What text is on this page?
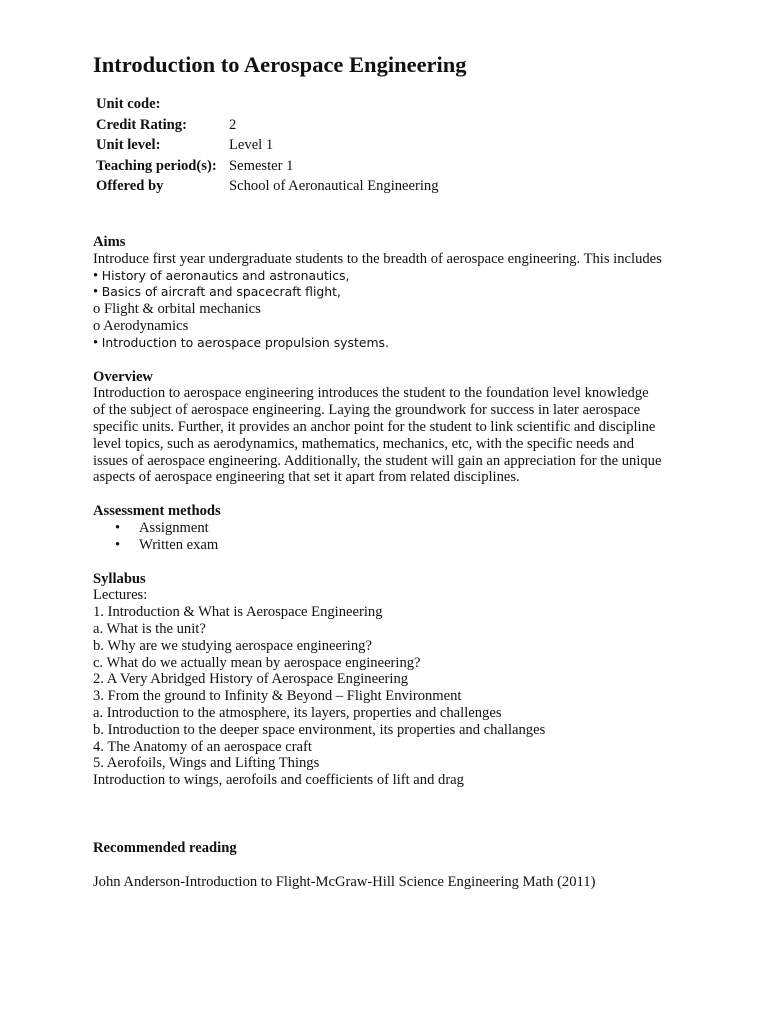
Introduction to Aerospace Engineering
Unit code:	
Credit Rating:	2
Unit level:	Level 1
Teaching period(s):	Semester 1
Offered by	School of Aeronautical Engineering

Aims

Introduce first year undergraduate students to the breadth of aerospace engineering. This includes

• History of aeronautics and astronautics,
• Basics of aircraft and spacecraft flight,
o Flight & orbital mechanics
o Aerodynamics
• Introduction to aerospace propulsion systems.

Overview

Introduction to aerospace engineering introduces the student to the foundation level knowledge of the subject of aerospace engineering. Laying the groundwork for success in later aerospace specific units. Further, it provides an anchor point for the student to link scientific and discipline level topics, such as aerodynamics, mathematics, mechanics, etc, with the specific needs and issues of aerospace engineering. Additionally, the student will gain an appreciation for the unique aspects of aerospace engineering that set it apart from related disciplines.

Assessment methods

• Assignment
• Written exam

Syllabus

Lectures:

1. Introduction & What is Aerospace Engineering

a. What is the unit?

b. Why are we studying aerospace engineering?

c. What do we actually mean by aerospace engineering?

2. A Very Abridged History of Aerospace Engineering

3. From the ground to Infinity & Beyond – Flight Environment

a. Introduction to the atmosphere, its layers, properties and challenges

b. Introduction to the deeper space environment, its properties and challanges

4. The Anatomy of an aerospace craft

5. Aerofoils, Wings and Lifting Things

Introduction to wings, aerofoils and coefficients of lift and drag

Recommended reading

John Anderson-Introduction to Flight-McGraw-Hill Science Engineering Math (2011)
